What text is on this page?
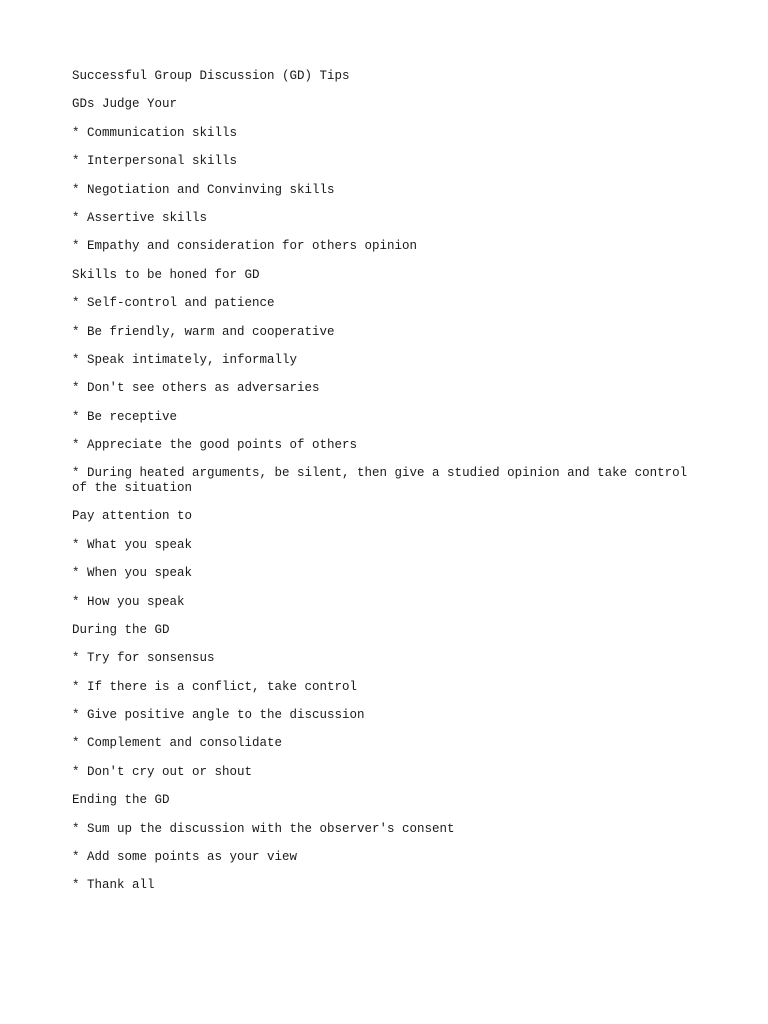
Successful Group Discussion (GD) Tips
GDs Judge Your
* Communication skills
* Interpersonal skills
* Negotiation and Convinving skills
* Assertive skills
* Empathy and consideration for others opinion
Skills to be honed for GD
* Self-control and patience
* Be friendly, warm and cooperative
* Speak intimately, informally
* Don't see others as adversaries
* Be receptive
* Appreciate the good points of others
* During heated arguments, be silent, then give a studied opinion and take control
of the situation
Pay attention to
* What you speak
* When you speak
* How you speak
During the GD
* Try for sonsensus
* If there is a conflict, take control
* Give positive angle to the discussion
* Complement and consolidate
* Don't cry out or shout
Ending the GD
* Sum up the discussion with the observer's consent
* Add some points as your view
* Thank all
